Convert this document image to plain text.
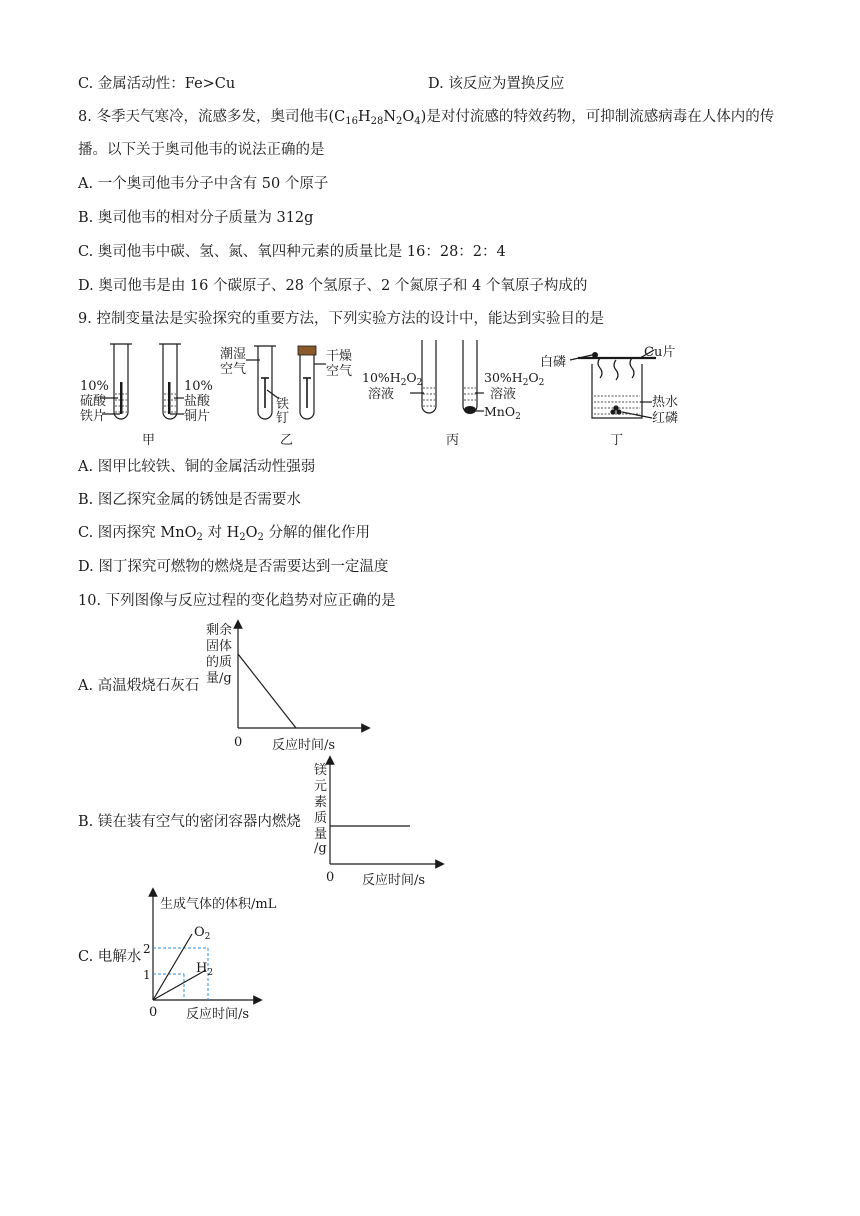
C. 金属活动性：Fe>Cu	D. 该反应为置换反应
8. 冬季天气寒冷，流感多发，奥司他韦$(C_{16}H_{28}N_2O_4)$是对付流感的特效药物，可抑制流感病毒在人体内的传
播。以下关于奥司他韦的说法正确的是
A. 一个奥司他韦分子中含有 50 个原子
B. 奥司他韦的相对分子质量为 312g
C. 奥司他韦中碳、氢、氮、氧四种元素的质量比是 16：28：2：4
D. 奥司他韦是由 16 个碳原子、28 个氢原子、2 个氮原子和 4 个氧原子构成的
9. 控制变量法是实验探究的重要方法，下列实验方法的设计中，能达到实验目的是
10%
硫酸
铁片
10%
盐酸
铜片
甲
潮湿
空气
铁
钉
干燥
空气
乙
$10\%H_2O_2$
溶液
$30\%H_2O_2$
溶液
MnO$_2$
丙
白磷
Cu片
热水
红磷
丁
A. 图甲比较铁、铜的金属活动性强弱
B. 图乙探究金属的锈蚀是否需要水
C. 图丙探究 MnO$_2$ 对 $H_2O_2$ 分解的催化作用
D. 图丁探究可燃物的燃烧是否需要达到一定温度
10. 下列图像与反应过程的变化趋势对应正确的是
A. 高温煅烧石灰石
剩余
固体
的质
量/g
0 反应时间/s
B. 镁在装有空气的密闭容器内燃烧
镁
元
素
质
量
/g
0 反应时间/s
C. 电解水
生成气体的体积/mL
2
1
0 反应时间/s
$O_2$
$H_2$
